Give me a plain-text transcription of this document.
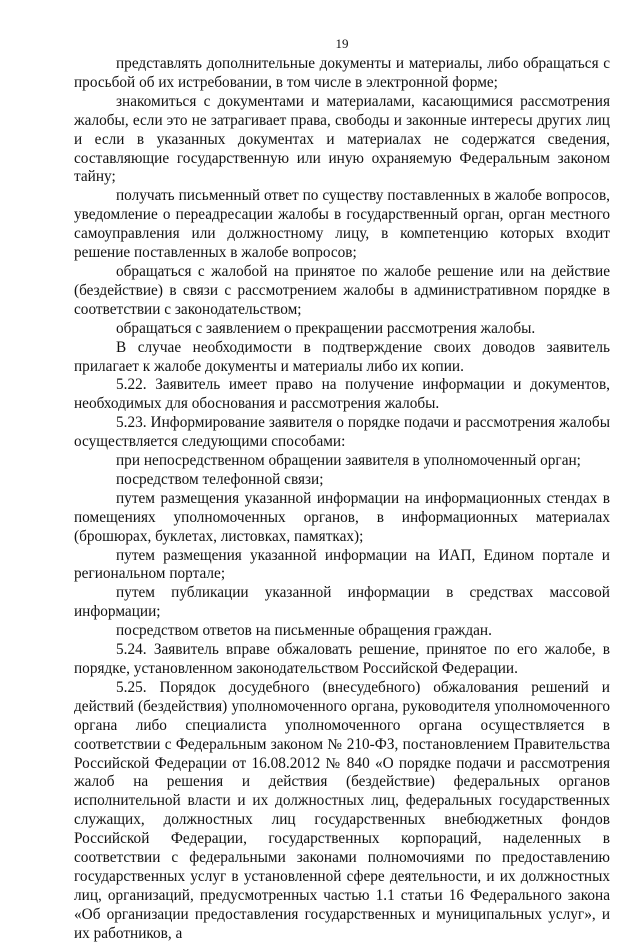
19

представлять дополнительные документы и материалы, либо обращаться с просьбой об их истребовании, в том числе в электронной форме;

знакомиться с документами и материалами, касающимися рассмотрения жалобы, если это не затрагивает права, свободы и законные интересы других лиц и если в указанных документах и материалах не содержатся сведения, составляющие государственную или иную охраняемую Федеральным законом тайну;

получать письменный ответ по существу поставленных в жалобе вопросов, уведомление о переадресации жалобы в государственный орган, орган местного самоуправления или должностному лицу, в компетенцию которых входит решение поставленных в жалобе вопросов;

обращаться с жалобой на принятое по жалобе решение или на действие (бездействие) в связи с рассмотрением жалобы в административном порядке в соответствии с законодательством;

обращаться с заявлением о прекращении рассмотрения жалобы.

В случае необходимости в подтверждение своих доводов заявитель прилагает к жалобе документы и материалы либо их копии.

5.22. Заявитель имеет право на получение информации и документов, необходимых для обоснования и рассмотрения жалобы.

5.23. Информирование заявителя о порядке подачи и рассмотрения жалобы осуществляется следующими способами:

при непосредственном обращении заявителя в уполномоченный орган;

посредством телефонной связи;

путем размещения указанной информации на информационных стендах в помещениях уполномоченных органов, в информационных материалах (брошюрах, буклетах, листовках, памятках);

путем размещения указанной информации на ИАП, Едином портале и региональном портале;

путем публикации указанной информации в средствах массовой информации;

посредством ответов на письменные обращения граждан.

5.24. Заявитель вправе обжаловать решение, принятое по его жалобе, в порядке, установленном законодательством Российской Федерации.

5.25. Порядок досудебного (внесудебного) обжалования решений и действий (бездействия) уполномоченного органа, руководителя уполномоченного органа либо специалиста уполномоченного органа осуществляется в соответствии с Федеральным законом № 210-ФЗ, постановлением Правительства Российской Федерации от 16.08.2012 № 840 «О порядке подачи и рассмотрения жалоб на решения и действия (бездействие) федеральных органов исполнительной власти и их должностных лиц, федеральных государственных служащих, должностных лиц государственных внебюджетных фондов Российской Федерации, государственных корпораций, наделенных в соответствии с федеральными законами полномочиями по предоставлению государственных услуг в установленной сфере деятельности, и их должностных лиц, организаций, предусмотренных частью 1.1 статьи 16 Федерального закона «Об организации предоставления государственных и муниципальных услуг», и их работников, а
